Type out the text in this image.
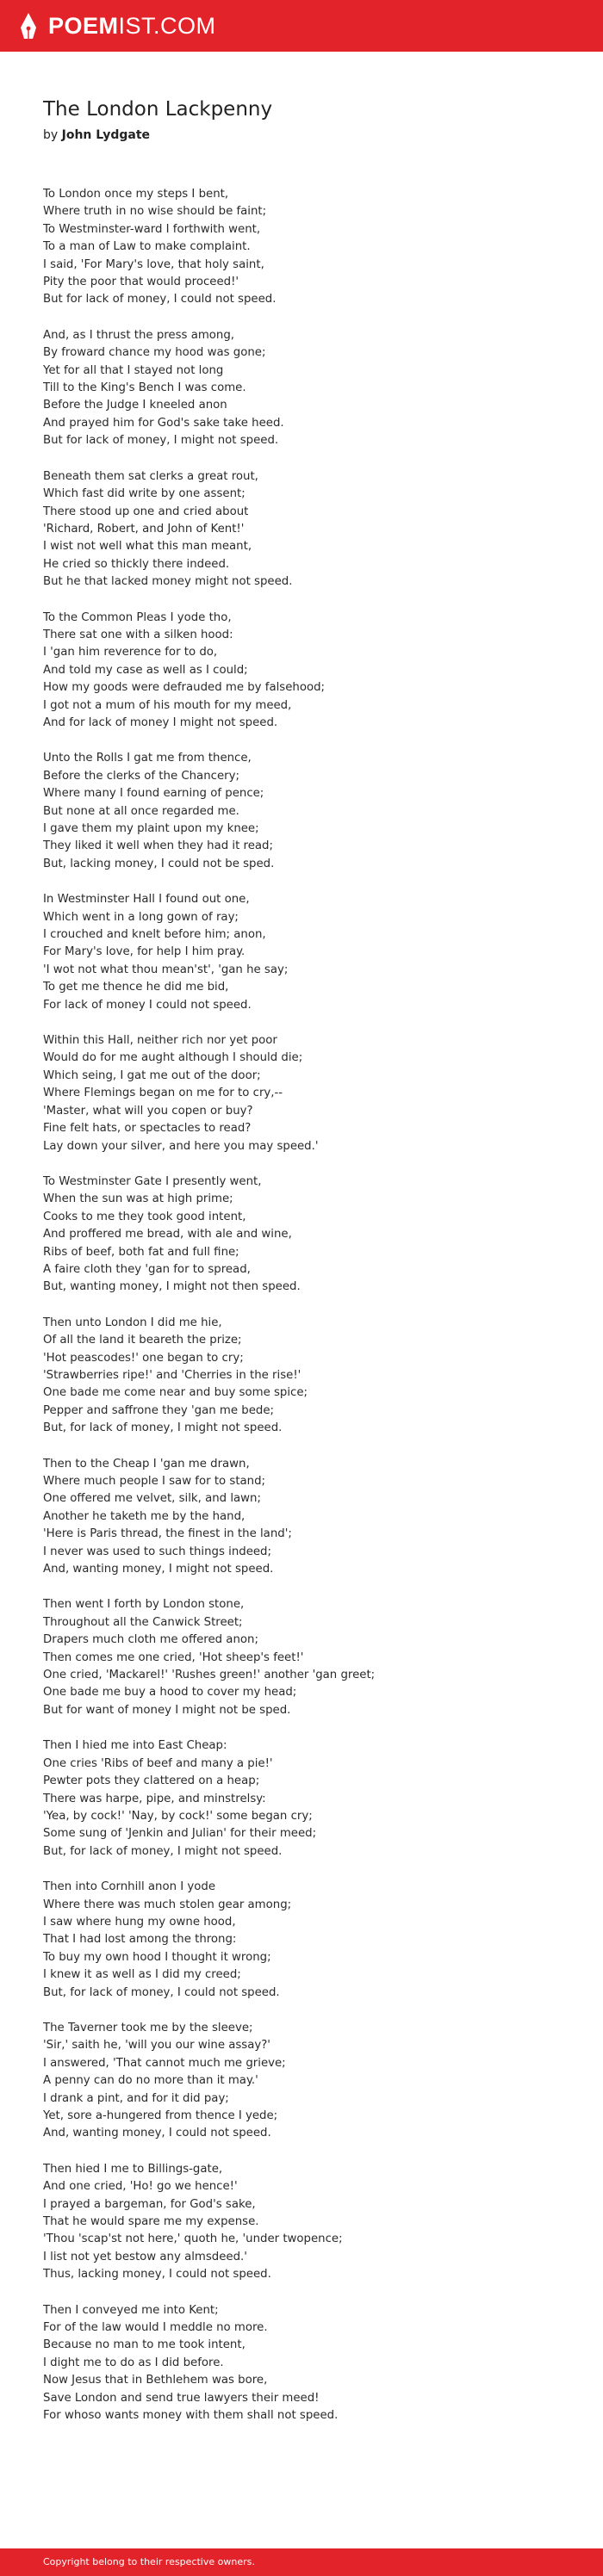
POEMIST.COM
The London Lackpenny
by John Lydgate
To London once my steps I bent,
Where truth in no wise should be faint;
To Westminster-ward I forthwith went,
To a man of Law to make complaint.
I said, 'For Mary's love, that holy saint,
Pity the poor that would proceed!'
But for lack of money, I could not speed.
And, as I thrust the press among,
By froward chance my hood was gone;
Yet for all that I stayed not long
Till to the King's Bench I was come.
Before the Judge I kneeled anon
And prayed him for God's sake take heed.
But for lack of money, I might not speed.
Beneath them sat clerks a great rout,
Which fast did write by one assent;
There stood up one and cried about
'Richard, Robert, and John of Kent!'
I wist not well what this man meant,
He cried so thickly there indeed.
But he that lacked money might not speed.
To the Common Pleas I yode tho,
There sat one with a silken hood:
I 'gan him reverence for to do,
And told my case as well as I could;
How my goods were defrauded me by falsehood;
I got not a mum of his mouth for my meed,
And for lack of money I might not speed.
Unto the Rolls I gat me from thence,
Before the clerks of the Chancery;
Where many I found earning of pence;
But none at all once regarded me.
I gave them my plaint upon my knee;
They liked it well when they had it read;
But, lacking money, I could not be sped.
In Westminster Hall I found out one,
Which went in a long gown of ray;
I crouched and knelt before him; anon,
For Mary's love, for help I him pray.
'I wot not what thou mean'st', 'gan he say;
To get me thence he did me bid,
For lack of money I could not speed.
Within this Hall, neither rich nor yet poor
Would do for me aught although I should die;
Which seing, I gat me out of the door;
Where Flemings began on me for to cry,--
'Master, what will you copen or buy?
Fine felt hats, or spectacles to read?
Lay down your silver, and here you may speed.'
To Westminster Gate I presently went,
When the sun was at high prime;
Cooks to me they took good intent,
And proffered me bread, with ale and wine,
Ribs of beef, both fat and full fine;
A faire cloth they 'gan for to spread,
But, wanting money, I might not then speed.
Then unto London I did me hie,
Of all the land it beareth the prize;
'Hot peascodes!' one began to cry;
'Strawberries ripe!' and 'Cherries in the rise!'
One bade me come near and buy some spice;
Pepper and saffrone they 'gan me bede;
But, for lack of money, I might not speed.
Then to the Cheap I 'gan me drawn,
Where much people I saw for to stand;
One offered me velvet, silk, and lawn;
Another he taketh me by the hand,
'Here is Paris thread, the finest in the land';
I never was used to such things indeed;
And, wanting money, I might not speed.
Then went I forth by London stone,
Throughout all the Canwick Street;
Drapers much cloth me offered anon;
Then comes me one cried, 'Hot sheep's feet!'
One cried, 'Mackarel!' 'Rushes green!' another 'gan greet;
One bade me buy a hood to cover my head;
But for want of money I might not be sped.
Then I hied me into East Cheap:
One cries 'Ribs of beef and many a pie!'
Pewter pots they clattered on a heap;
There was harpe, pipe, and minstrelsy:
'Yea, by cock!' 'Nay, by cock!' some began cry;
Some sung of 'Jenkin and Julian' for their meed;
But, for lack of money, I might not speed.
Then into Cornhill anon I yode
Where there was much stolen gear among;
I saw where hung my owne hood,
That I had lost among the throng:
To buy my own hood I thought it wrong;
I knew it as well as I did my creed;
But, for lack of money, I could not speed.
The Taverner took me by the sleeve;
'Sir,' saith he, 'will you our wine assay?'
I answered, 'That cannot much me grieve;
A penny can do no more than it may.'
I drank a pint, and for it did pay;
Yet, sore a-hungered from thence I yede;
And, wanting money, I could not speed.
Then hied I me to Billings-gate,
And one cried, 'Ho! go we hence!'
I prayed a bargeman, for God's sake,
That he would spare me my expense.
'Thou 'scap'st not here,' quoth he, 'under twopence;
I list not yet bestow any almsdeed.'
Thus, lacking money, I could not speed.
Then I conveyed me into Kent;
For of the law would I meddle no more.
Because no man to me took intent,
I dight me to do as I did before.
Now Jesus that in Bethlehem was bore,
Save London and send true lawyers their meed!
For whoso wants money with them shall not speed.
Copyright belong to their respective owners.
